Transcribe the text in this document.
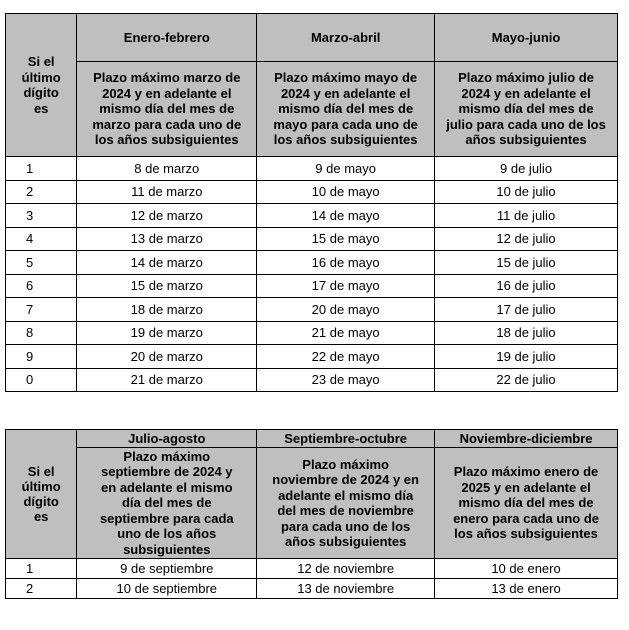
Si el último dígito es	Enero-febrero	Marzo-abril	Mayo-junio
	Plazo máximo marzo de 2024 y en adelante el mismo día del mes de marzo para cada uno de los años subsiguientes	Plazo máximo mayo de 2024 y en adelante el mismo día del mes de mayo para cada uno de los años subsiguientes	Plazo máximo julio de 2024 y en adelante el mismo día del mes de julio para cada uno de los años subsiguientes
1	8 de marzo	9 de mayo	9 de julio
2	11 de marzo	10 de mayo	10 de julio
3	12 de marzo	14 de mayo	11 de julio
4	13 de marzo	15 de mayo	12 de julio
5	14 de marzo	16 de mayo	15 de julio
6	15 de marzo	17 de mayo	16 de julio
7	18 de marzo	20 de mayo	17 de julio
8	19 de marzo	21 de mayo	18 de julio
9	20 de marzo	22 de mayo	19 de julio
0	21 de marzo	23 de mayo	22 de julio
Si el último dígito es	Julio-agosto	Septiembre-octubre	Noviembre-diciembre
	Plazo máximo septiembre de 2024 y en adelante el mismo día del mes de septiembre para cada uno de los años subsiguientes	Plazo máximo noviembre de 2024 y en adelante el mismo día del mes de noviembre para cada uno de los años subsiguientes	Plazo máximo enero de 2025 y en adelante el mismo día del mes de enero para cada uno de los años subsiguientes
1	9 de septiembre	12 de noviembre	10 de enero
2	10 de septiembre	13 de noviembre	13 de enero
